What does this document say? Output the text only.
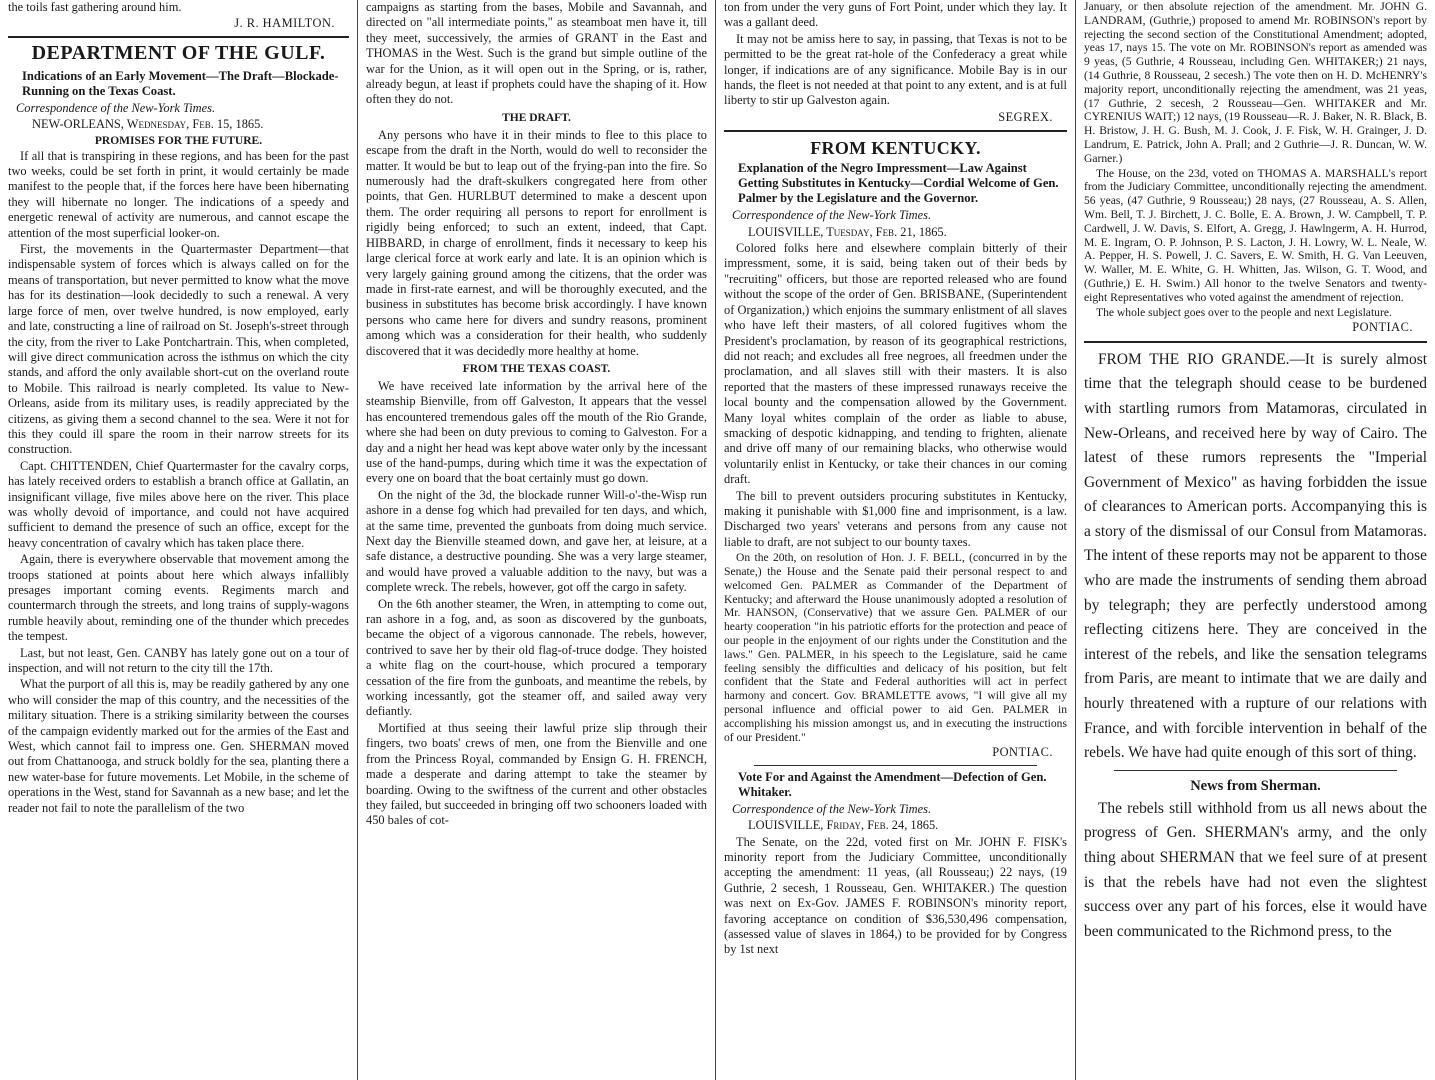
the toils fast gathering around him.

J. R. HAMILTON.

DEPARTMENT OF THE GULF.

Indications of an Early Movement—The Draft—Blockade-Running on the Texas Coast.

Correspondence of the New-York Times.

NEW-ORLEANS, Wednesday, Feb. 15, 1865.

PROMISES FOR THE FUTURE.

If all that is transpiring in these regions, and has been for the past two weeks, could be set forth in print, it would certainly be made manifest to the people that, if the forces here have been hibernating they will hibernate no longer. The indications of a speedy and energetic renewal of activity are numerous, and cannot escape the attention of the most superficial looker-on.

First, the movements in the Quartermaster Department—that indispensable system of forces which is always called on for the means of transportation, but never permitted to know what the move has for its destination—look decidedly to such a renewal. A very large force of men, over twelve hundred, is now employed, early and late, constructing a line of railroad on St. Joseph's-street through the city, from the river to Lake Pontchartrain. This, when completed, will give direct communication across the isthmus on which the city stands, and afford the only available short-cut on the overland route to Mobile. This railroad is nearly completed. Its value to New-Orleans, aside from its military uses, is readily appreciated by the citizens, as giving them a second channel to the sea. Were it not for this they could ill spare the room in their narrow streets for its construction.

Capt. CHITTENDEN, Chief Quartermaster for the cavalry corps, has lately received orders to establish a branch office at Gallatin, an insignificant village, five miles above here on the river. This place was wholly devoid of importance, and could not have acquired sufficient to demand the presence of such an office, except for the heavy concentration of cavalry which has taken place there.

Again, there is everywhere observable that movement among the troops stationed at points about here which always infallibly presages important coming events. Regiments march and countermarch through the streets, and long trains of supply-wagons rumble heavily about, reminding one of the thunder which precedes the tempest.

Last, but not least, Gen. CANBY has lately gone out on a tour of inspection, and will not return to the city till the 17th.

What the purport of all this is, may be readily gathered by any one who will consider the map of this country, and the necessities of the military situation. There is a striking similarity between the courses of the campaign evidently marked out for the armies of the East and West, which cannot fail to impress one. Gen. SHERMAN moved out from Chattanooga, and struck boldly for the sea, planting there a new water-base for future movements. Let Mobile, in the scheme of operations in the West, stand for Savannah as a new base; and let the reader not fail to note the parallelism of the two

campaigns as starting from the bases, Mobile and Savannah, and directed on "all intermediate points," as steamboat men have it, till they meet, successively, the armies of GRANT in the East and THOMAS in the West. Such is the grand but simple outline of the war for the Union, as it will open out in the Spring, or is, rather, already begun, at least if prophets could have the shaping of it. How often they do not.

THE DRAFT.

Any persons who have it in their minds to flee to this place to escape from the draft in the North, would do well to reconsider the matter. It would be but to leap out of the frying-pan into the fire. So numerously had the draft-skulkers congregated here from other points, that Gen. HURLBUT determined to make a descent upon them. The order requiring all persons to report for enrollment is rigidly being enforced; to such an extent, indeed, that Capt. HIBBARD, in charge of enrollment, finds it necessary to keep his large clerical force at work early and late. It is an opinion which is very largely gaining ground among the citizens, that the order was made in first-rate earnest, and will be thoroughly executed, and the business in substitutes has become brisk accordingly. I have known persons who came here for divers and sundry reasons, prominent among which was a consideration for their health, who suddenly discovered that it was decidedly more healthy at home.

FROM THE TEXAS COAST.

We have received late information by the arrival here of the steamship Bienville, from off Galveston, It appears that the vessel has encountered tremendous gales off the mouth of the Rio Grande, where she had been on duty previous to coming to Galveston. For a day and a night her head was kept above water only by the incessant use of the hand-pumps, during which time it was the expectation of every one on board that the boat certainly must go down.

On the night of the 3d, the blockade runner Will-o'-the-Wisp run ashore in a dense fog which had prevailed for ten days, and which, at the same time, prevented the gunboats from doing much service. Next day the Bienville steamed down, and gave her, at leisure, at a safe distance, a destructive pounding. She was a very large steamer, and would have proved a valuable addition to the navy, but was a complete wreck. The rebels, however, got off the cargo in safety.

On the 6th another steamer, the Wren, in attempting to come out, ran ashore in a fog, and, as soon as discovered by the gunboats, became the object of a vigorous cannonade. The rebels, however, contrived to save her by their old flag-of-truce dodge. They hoisted a white flag on the court-house, which procured a temporary cessation of the fire from the gunboats, and meantime the rebels, by working incessantly, got the steamer off, and sailed away very defiantly.

Mortified at thus seeing their lawful prize slip through their fingers, two boats' crews of men, one from the Bienville and one from the Princess Royal, commanded by Ensign G. H. FRENCH, made a desperate and daring attempt to take the steamer by boarding. Owing to the swiftness of the current and other obstacles they failed, but succeeded in bringing off two schooners loaded with 450 bales of cot-

ton from under the very guns of Fort Point, under which they lay. It was a gallant deed.

It may not be amiss here to say, in passing, that Texas is not to be permitted to be the great rat-hole of the Confederacy a great while longer, if indications are of any significance. Mobile Bay is in our hands, the fleet is not needed at that point to any extent, and is at full liberty to stir up Galveston again.

SEGREX.

FROM KENTUCKY.

Explanation of the Negro Impressment—Law Against Getting Substitutes in Kentucky—Cordial Welcome of Gen. Palmer by the Legislature and the Governor.

Correspondence of the New-York Times.

LOUISVILLE, Tuesday, Feb. 21, 1865.

Colored folks here and elsewhere complain bitterly of their impressment, some, it is said, being taken out of their beds by "recruiting" officers, but those are reported released who are found without the scope of the order of Gen. BRISBANE, (Superintendent of Organization,) which enjoins the summary enlistment of all slaves who have left their masters, of all colored fugitives whom the President's proclamation, by reason of its geographical restrictions, did not reach; and excludes all free negroes, all freedmen under the proclamation, and all slaves still with their masters. It is also reported that the masters of these impressed runaways receive the local bounty and the compensation allowed by the Government. Many loyal whites complain of the order as liable to abuse, smacking of despotic kidnapping, and tending to frighten, alienate and drive off many of our remaining blacks, who otherwise would voluntarily enlist in Kentucky, or take their chances in our coming draft.

The bill to prevent outsiders procuring substitutes in Kentucky, making it punishable with $1,000 fine and imprisonment, is a law. Discharged two years' veterans and persons from any cause not liable to draft, are not subject to our bounty taxes.

On the 20th, on resolution of Hon. J. F. BELL, (concurred in by the Senate,) the House and the Senate paid their personal respect to and welcomed Gen. PALMER as Commander of the Department of Kentucky; and afterward the House unanimously adopted a resolution of Mr. HANSON, (Conservative) that we assure Gen. PALMER of our hearty cooperation "in his patriotic efforts for the protection and peace of our people in the enjoyment of our rights under the Constitution and the laws." Gen. PALMER, in his speech to the Legislature, said he came feeling sensibly the difficulties and delicacy of his position, but felt confident that the State and Federal authorities will act in perfect harmony and concert. Gov. BRAMLETTE avows, "I will give all my personal influence and official power to aid Gen. PALMER in accomplishing his mission amongst us, and in executing the instructions of our President."

PONTIAC.

Vote For and Against the Amendment—Defection of Gen. Whitaker.

Correspondence of the New-York Times.

LOUISVILLE, Friday, Feb. 24, 1865.

The Senate, on the 22d, voted first on Mr. JOHN F. FISK's minority report from the Judiciary Committee, unconditionally accepting the amendment: 11 yeas, (all Rousseau;) 22 nays, (19 Guthrie, 2 secesh, 1 Rousseau, Gen. WHITAKER.) The question was next on Ex-Gov. JAMES F. ROBINSON's minority report, favoring acceptance on condition of $36,530,496 compensation, (assessed value of slaves in 1864,) to be provided for by Congress by 1st next

January, or then absolute rejection of the amendment. Mr. JOHN G. LANDRAM, (Guthrie,) proposed to amend Mr. ROBINSON's report by rejecting the second section of the Constitutional Amendment; adopted, yeas 17, nays 15. The vote on Mr. ROBINSON's report as amended was 9 yeas, (5 Guthrie, 4 Rousseau, including Gen. WHITAKER;) 21 nays, (14 Guthrie, 8 Rousseau, 2 secesh.) The vote then on H. D. McHENRY's majority report, unconditionally rejecting the amendment, was 21 yeas, (17 Guthrie, 2 secesh, 2 Rousseau—Gen. WHITAKER and Mr. CYRENIUS WAIT;) 12 nays, (19 Rousseau—R. J. Baker, N. R. Black, B. H. Bristow, J. H. G. Bush, M. J. Cook, J. F. Fisk, W. H. Grainger, J. D. Landrum, E. Patrick, John A. Prall; and 2 Guthrie—J. R. Duncan, W. W. Garner.)

The House, on the 23d, voted on THOMAS A. MARSHALL's report from the Judiciary Committee, unconditionally rejecting the amendment. 56 yeas, (47 Guthrie, 9 Rousseau;) 28 nays, (27 Rousseau, A. S. Allen, Wm. Bell, T. J. Birchett, J. C. Bolle, E. A. Brown, J. W. Campbell, T. P. Cardwell, J. W. Davis, S. Elfort, A. Gregg, J. Hawlngerm, A. H. Hurrod, M. E. Ingram, O. P. Johnson, P. S. Lacton, J. H. Lowry, W. L. Neale, W. A. Pepper, H. S. Powell, J. C. Savers, E. W. Smith, H. G. Van Leeuven, W. Waller, M. E. White, G. H. Whitten, Jas. Wilson, G. T. Wood, and (Guthrie,) E. H. Swim.) All honor to the twelve Senators and twenty-eight Representatives who voted against the amendment of rejection.

The whole subject goes over to the people and next Legislature.

PONTIAC.

FROM THE RIO GRANDE.—It is surely almost time that the telegraph should cease to be burdened with startling rumors from Matamoras, circulated in New-Orleans, and received here by way of Cairo. The latest of these rumors represents the "Imperial Government of Mexico" as having forbidden the issue of clearances to American ports. Accompanying this is a story of the dismissal of our Consul from Matamoras. The intent of these reports may not be apparent to those who are made the instruments of sending them abroad by telegraph; they are perfectly understood among reflecting citizens here. They are conceived in the interest of the rebels, and like the sensation telegrams from Paris, are meant to intimate that we are daily and hourly threatened with a rupture of our relations with France, and with forcible intervention in behalf of the rebels. We have had quite enough of this sort of thing.

News from Sherman.

The rebels still withhold from us all news about the progress of Gen. SHERMAN's army, and the only thing about SHERMAN that we feel sure of at present is that the rebels have had not even the slightest success over any part of his forces, else it would have been communicated to the Richmond press, to the
